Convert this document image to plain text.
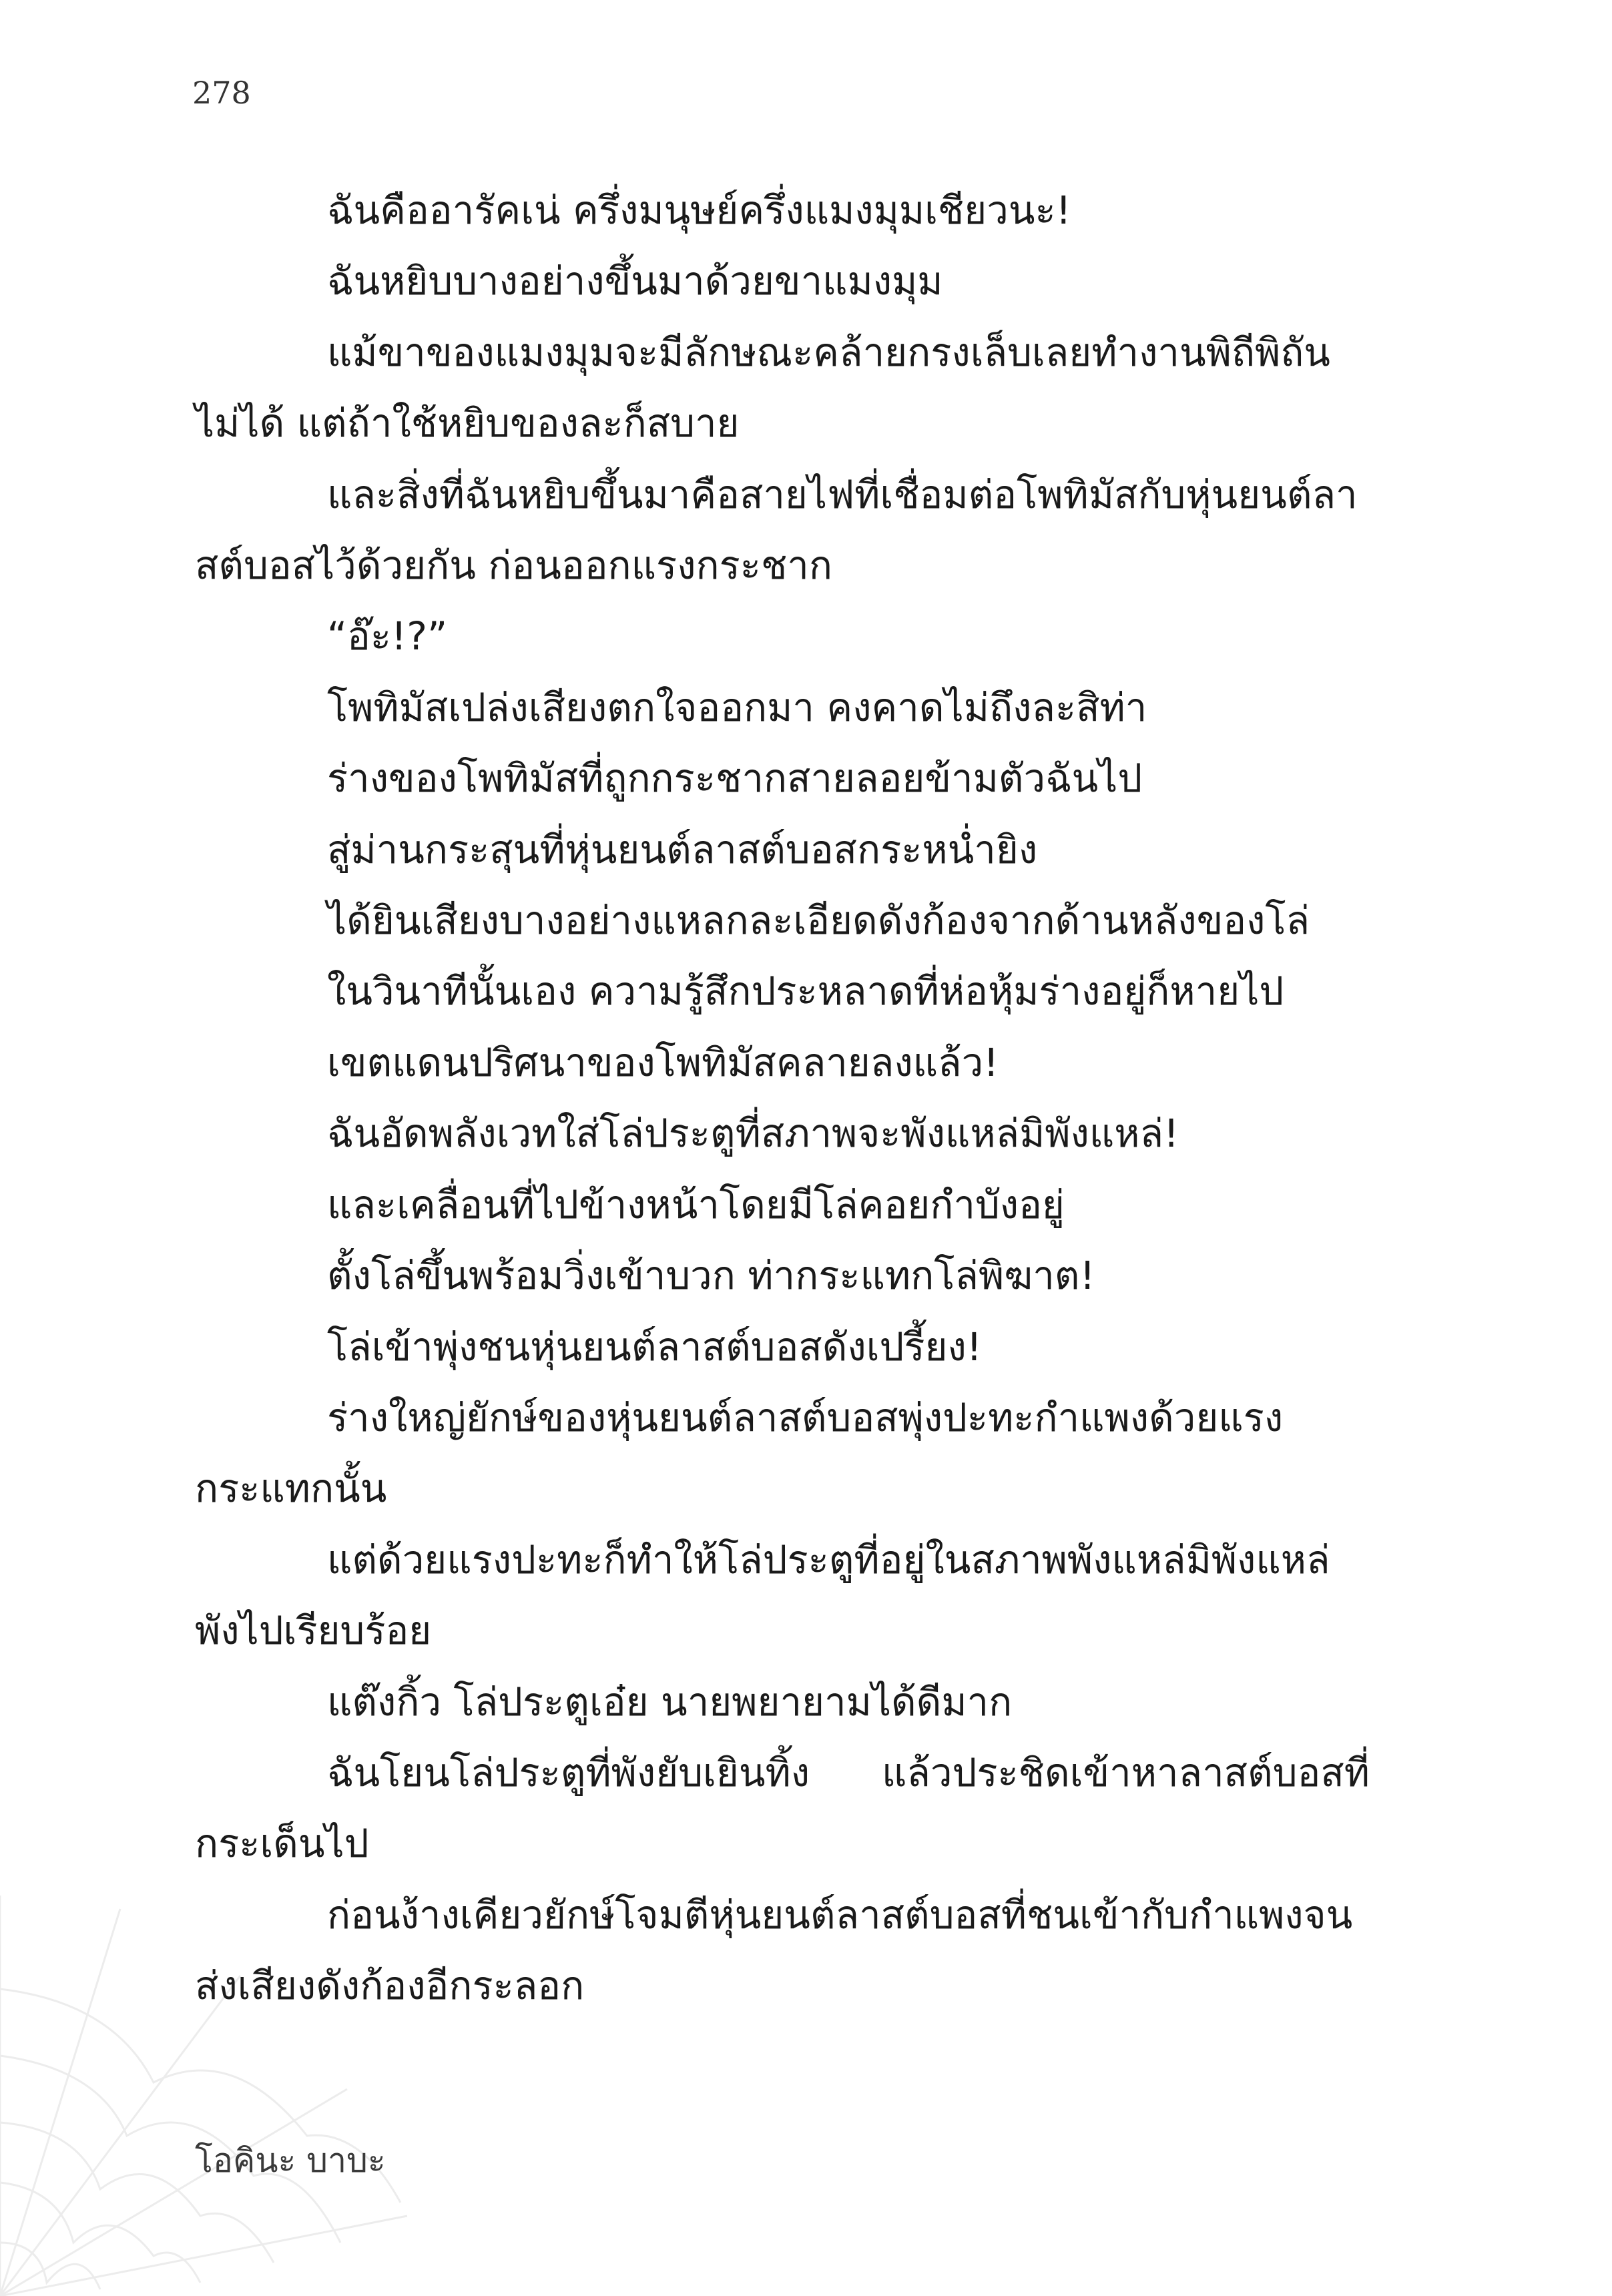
278

ฉันคืออารัคเน่ ครึ่งมนุษย์ครึ่งแมงมุมเชียวนะ!

ฉันหยิบบางอย่างขึ้นมาด้วยขาแมงมุม

แม้ขาของแมงมุมจะมีลักษณะคล้ายกรงเล็บเลยทำงานพิถีพิถันไม่ได้ แต่ถ้าใช้หยิบของละก็สบาย

และสิ่งที่ฉันหยิบขึ้นมาคือสายไฟที่เชื่อมต่อโพทิมัสกับหุ่นยนต์ลาสต์บอสไว้ด้วยกัน ก่อนออกแรงกระชาก

“อ๊ะ!?”

โพทิมัสเปล่งเสียงตกใจออกมา คงคาดไม่ถึงละสิท่า

ร่างของโพทิมัสที่ถูกกระชากสายลอยข้ามตัวฉันไป

สู่ม่านกระสุนที่หุ่นยนต์ลาสต์บอสกระหน่ำยิง

ได้ยินเสียงบางอย่างแหลกละเอียดดังก้องจากด้านหลังของโล่

ในวินาทีนั้นเอง ความรู้สึกประหลาดที่ห่อหุ้มร่างอยู่ก็หายไป

เขตแดนปริศนาของโพทิมัสคลายลงแล้ว!

ฉันอัดพลังเวทใส่โล่ประตูที่สภาพจะพังแหล่มิพังแหล่!

และเคลื่อนที่ไปข้างหน้าโดยมีโล่คอยกำบังอยู่

ตั้งโล่ขึ้นพร้อมวิ่งเข้าบวก ท่ากระแทกโล่พิฆาต!

โล่เข้าพุ่งชนหุ่นยนต์ลาสต์บอสดังเปรี้ยง!

ร่างใหญ่ยักษ์ของหุ่นยนต์ลาสต์บอสพุ่งปะทะกำแพงด้วยแรงกระแทกนั้น

แต่ด้วยแรงปะทะก็ทำให้โล่ประตูที่อยู่ในสภาพพังแหล่มิพังแหล่พังไปเรียบร้อย

แต๊งกิ้ว โล่ประตูเอ๋ย นายพยายามได้ดีมาก

ฉันโยนโล่ประตูที่พังยับเยินทิ้ง แล้วประชิดเข้าหาลาสต์บอสที่กระเด็นไป

ก่อนง้างเคียวยักษ์โจมตีหุ่นยนต์ลาสต์บอสที่ชนเข้ากับกำแพงจนส่งเสียงดังก้องอีกระลอก

โอคินะ บาบะ
